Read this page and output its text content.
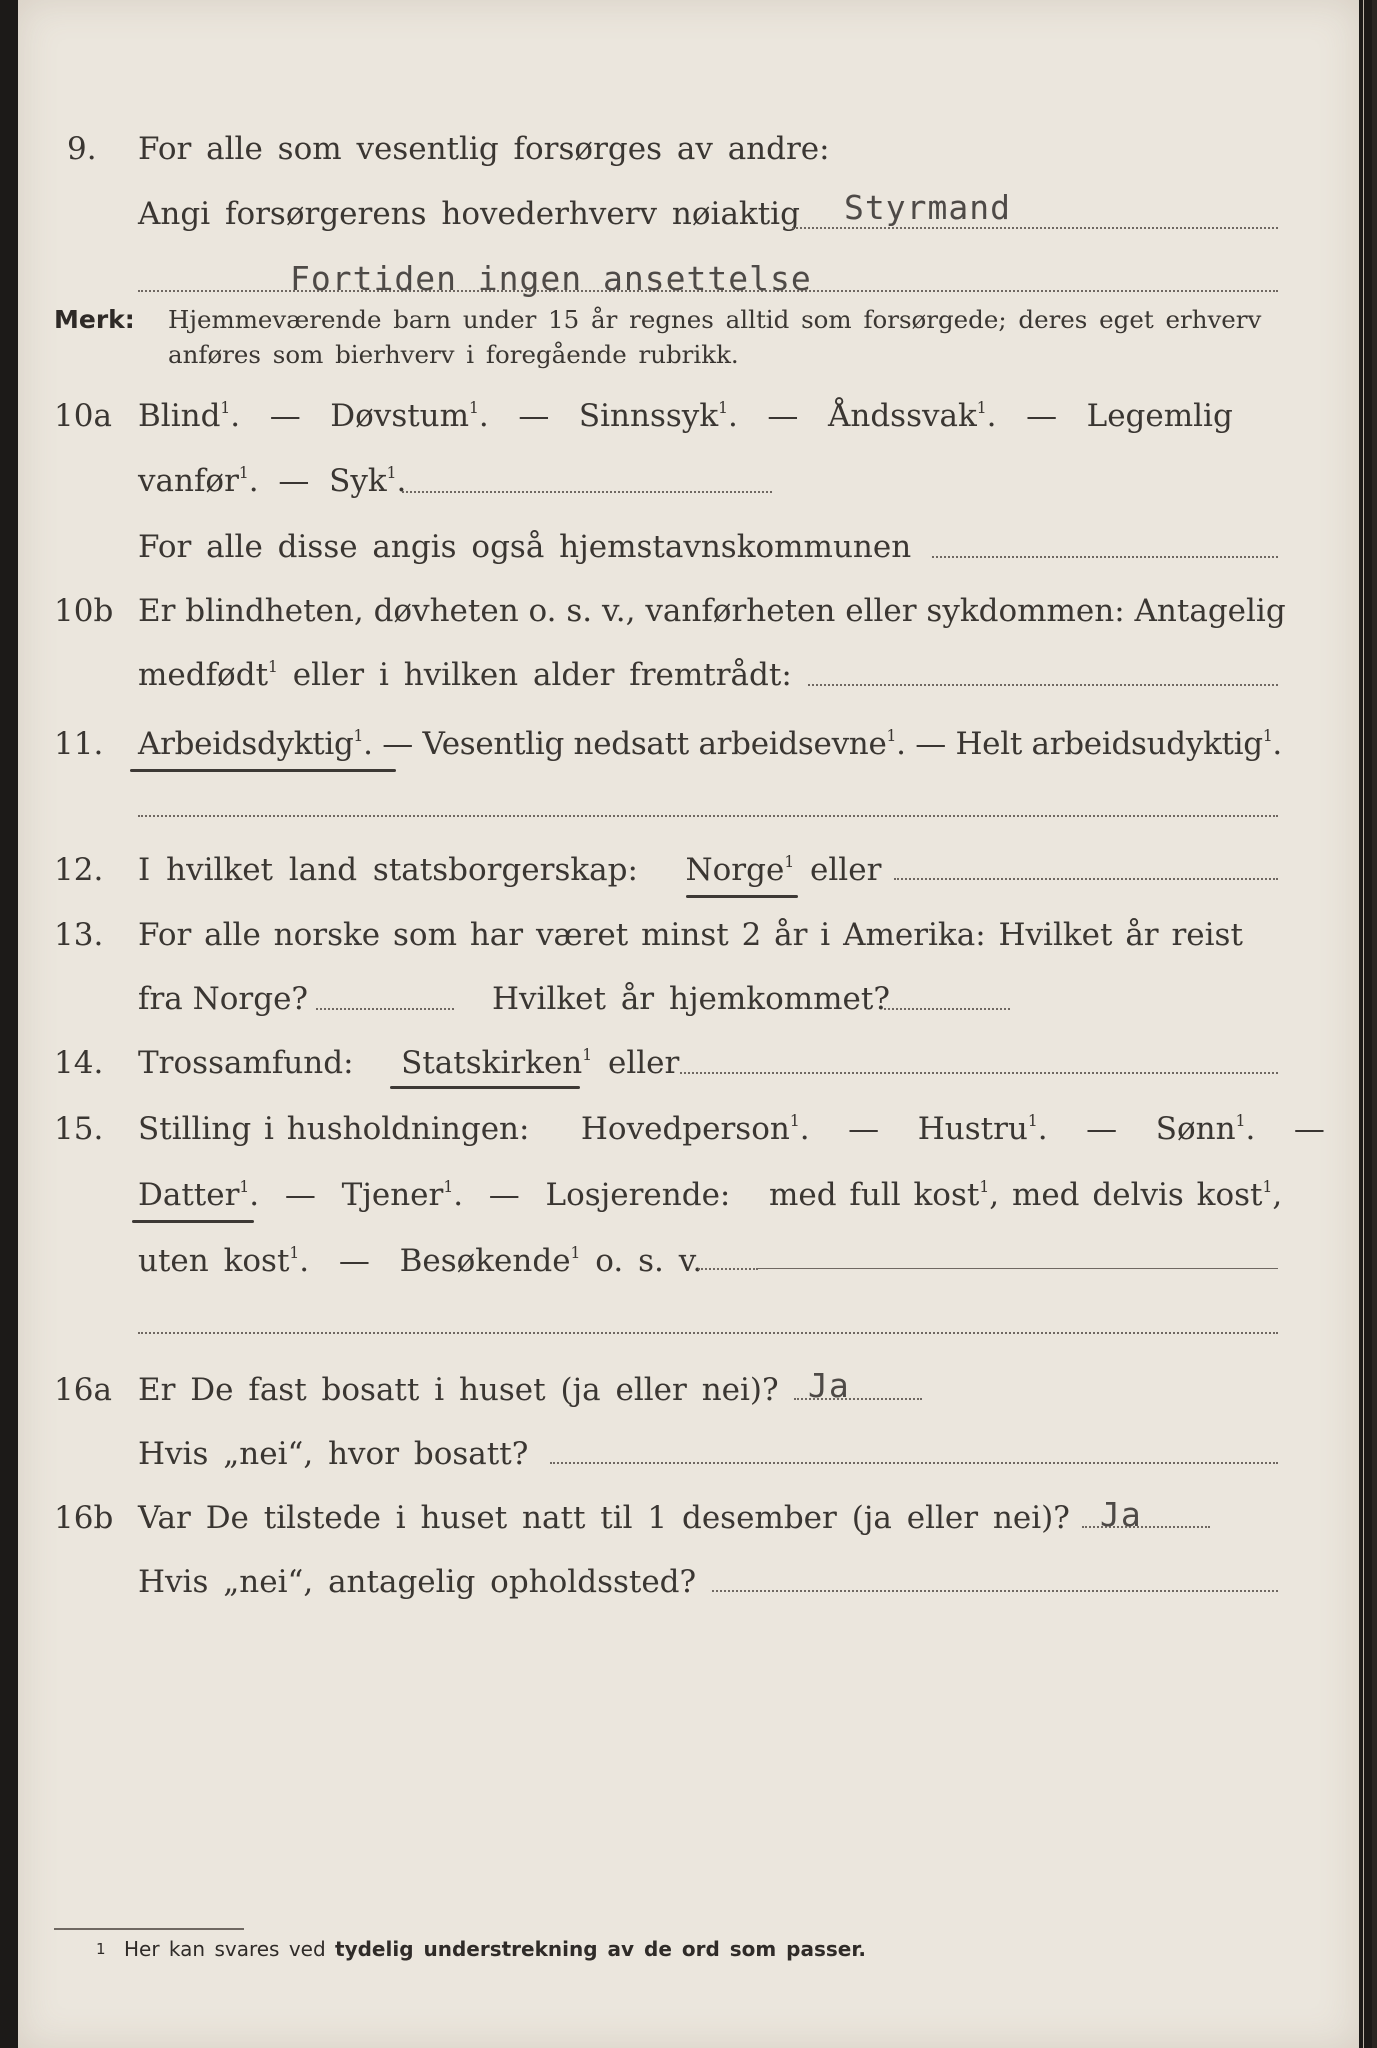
9. For alle som vesentlig forsørges av andre:
Angi forsørgerens hovederhverv nøiaktig Styrmand
Fortiden ingen ansettelse
Merk: Hjemmeværende barn under 15 år regnes alltid som forsørgede; deres eget erhverv
anføres som bierhverv i foregående rubrikk.
10a Blind$^1$.   — Døvstum$^1$.   — Sinnssyk$^1$.   — Åndssvak$^1$.   — Legemlig
vanfør$^1$.  — Syk$^1$.
For alle disse angis også hjemstavnskommunen
10b Er blindheten, døvheten o. s. v., vanførheten eller sykdommen: Antagelig
medfødt$^1$ eller i hvilken alder fremtrådt:
11. Arbeidsdyktig$^1$. — Vesentlig nedsatt arbeidsevne$^1$. — Helt arbeidsudyktig$^1$.
12. I hvilket land statsborgerskap: Norge$^1$ eller
13. For alle norske som har været minst 2 år i Amerika: Hvilket år reist
fra Norge?	Hvilket år hjemkommet?
14. Trossamfund: Statskirken$^1$ eller
15. Stilling i husholdningen: Hovedperson$^1$.   — Hustru$^1$.   — Sønn$^1$.   —
Datter$^1$.  — Tjener$^1$.  — Losjerende: med full kost$^1$, med delvis kost$^1$,
uten kost$^1$.  — Besøkende$^1$ o. s. v.
16a Er De fast bosatt i huset (ja eller nei)? Ja
Hvis „nei“, hvor bosatt?
16b Var De tilstede i huset natt til 1 desember (ja eller nei)? Ja
Hvis „nei“, antagelig opholdssted?
1 Her kan svares ved tydelig understrekning av de ord som passer.
